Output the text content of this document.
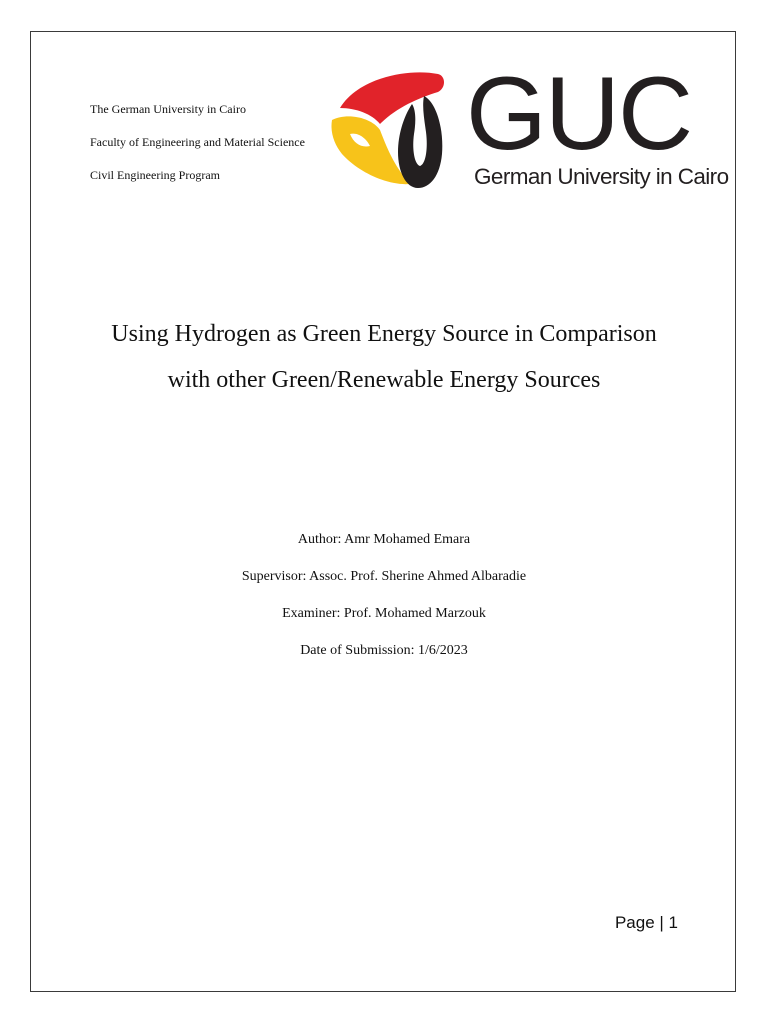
The German University in Cairo
Faculty of Engineering and Material Science
Civil Engineering Program
GUC
German University in Cairo
Using Hydrogen as Green Energy Source in Comparison
with other Green/Renewable Energy Sources
Author: Amr Mohamed Emara
Supervisor: Assoc. Prof. Sherine Ahmed Albaradie
Examiner: Prof. Mohamed Marzouk
Date of Submission: 1/6/2023
Page | 1
